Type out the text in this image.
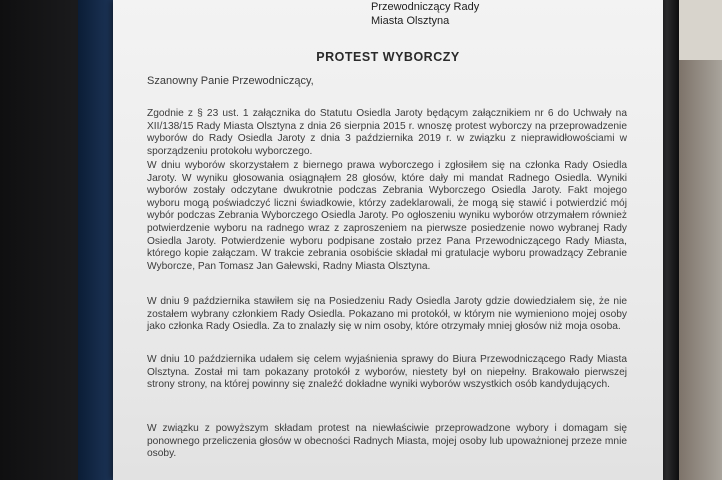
Przewodniczący Rady
Miasta Olsztyna
PROTEST WYBORCZY
Szanowny Panie Przewodniczący,

Zgodnie z § 23 ust. 1 załącznika do Statutu Osiedla Jaroty będącym załącznikiem nr 6 do Uchwały na XII/138/15 Rady Miasta Olsztyna z dnia 26 sierpnia 2015 r. wnoszę protest wyborczy na przeprowadzenie wyborów do Rady Osiedla Jaroty z dnia 3 października 2019 r. w związku z nieprawidłowościami w sporządzeniu protokołu wyborczego.

W dniu wyborów skorzystałem z biernego prawa wyborczego i zgłosiłem się na członka Rady Osiedla Jaroty. W wyniku głosowania osiągnąłem 28 głosów, które dały mi mandat Radnego Osiedla. Wyniki wyborów zostały odczytane dwukrotnie podczas Zebrania Wyborczego Osiedla Jaroty. Fakt mojego wyboru mogą poświadczyć liczni świadkowie, którzy zadeklarowali, że mogą się stawić i potwierdzić mój wybór podczas Zebrania Wyborczego Osiedla Jaroty. Po ogłoszeniu wyniku wyborów otrzymałem również potwierdzenie wyboru na radnego wraz z zaproszeniem na pierwsze posiedzenie nowo wybranej Rady Osiedla Jaroty. Potwierdzenie wyboru podpisane zostało przez Pana Przewodniczącego Rady Miasta, którego kopie załączam. W trakcie zebrania osobiście składał mi gratulacje wyboru prowadzący Zebranie Wyborcze, Pan Tomasz Jan Gałewski, Radny Miasta Olsztyna.

W dniu 9 października stawiłem się na Posiedzeniu Rady Osiedla Jaroty gdzie dowiedziałem się, że nie zostałem wybrany członkiem Rady Osiedla. Pokazano mi protokół, w którym nie wymieniono mojej osoby jako członka Rady Osiedla. Za to znalazły się w nim osoby, które otrzymały mniej głosów niż moja osoba.

W dniu 10 października udałem się celem wyjaśnienia sprawy do Biura Przewodniczącego Rady Miasta Olsztyna. Został mi tam pokazany protokół z wyborów, niestety był on niepełny. Brakowało pierwszej strony strony, na której powinny się znaleźć dokładne wyniki wyborów wszystkich osób kandydujących.

W związku z powyższym składam protest na niewłaściwie przeprowadzone wybory i domagam się ponownego przeliczenia głosów w obecności Radnych Miasta, mojej osoby lub upoważnionej przeze mnie osoby.
